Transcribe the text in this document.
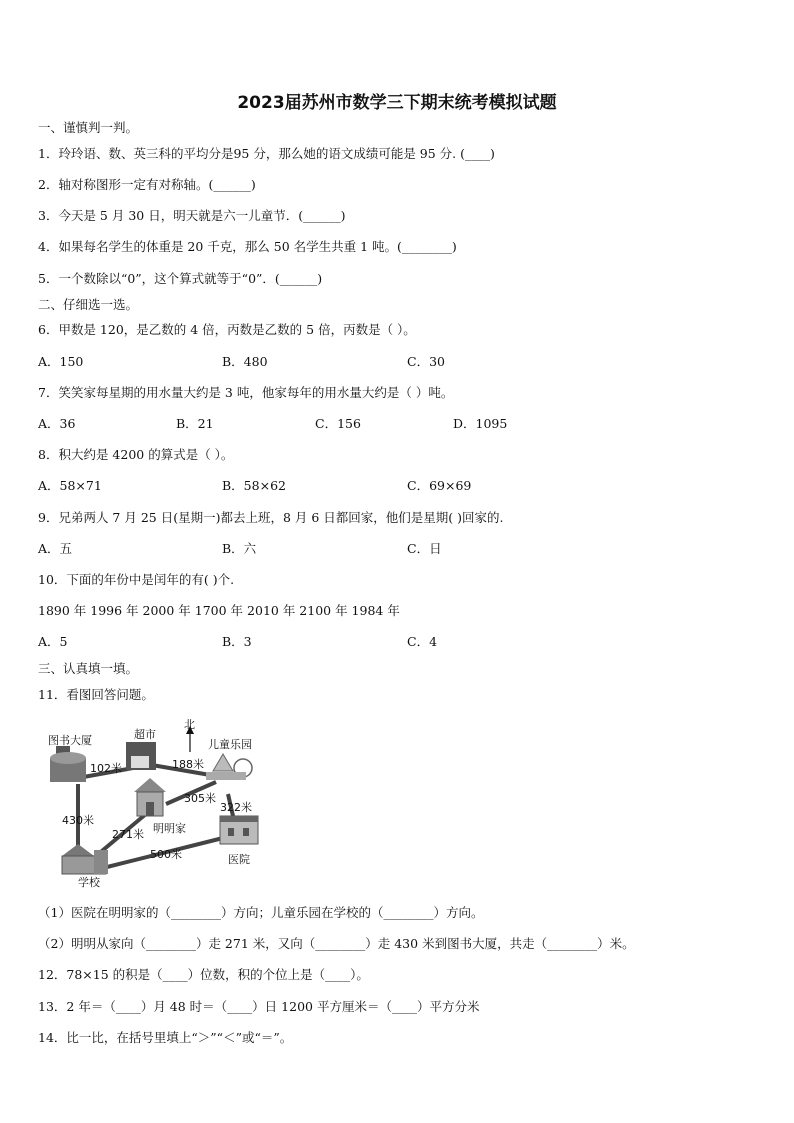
2023届苏州市数学三下期末统考模拟试题
一、谨慎判一判。
1．玲玲语、数、英三科的平均分是95 分，那么她的语文成绩可能是 95 分. (____)
2．轴对称图形一定有对称轴。(______)
3．今天是 5 月 30 日，明天就是六一儿童节．(______)
4．如果每名学生的体重是 20 千克，那么 50 名学生共重 1 吨。(________)
5．一个数除以“0”，这个算式就等于“0”．(______)
二、仔细选一选。
6．甲数是 120，是乙数的 4 倍，丙数是乙数的 5 倍，丙数是（ ）。
A．150	B．480	C．30
7．笑笑家每星期的用水量大约是 3 吨，他家每年的用水量大约是（ ）吨。
A．36	B．21	C．156	D．1095
8．积大约是 4200 的算式是（ ）。
A．58×71	B．58×62	C．69×69
9．兄弟两人 7 月 25 日(星期一)都去上班，8 月 6 日都回家，他们是星期( )回家的.
A．五	B．六	C．日
10．下面的年份中是闰年的有( )个.
1890 年 1996 年 2000 年 1700 年 2010 年 2100 年 1984 年
A．5	B．3	C．4
三、认真填一填。
11．看图回答问题。
图书大厦	超市
北
儿童乐园
明明家
医院
学校
102米	188米
305米
322米
430米
271米
500米
（1）医院在明明家的（________）方向；儿童乐园在学校的（________）方向。
（2）明明从家向（________）走 271 米，又向（________）走 430 米到图书大厦，共走（________）米。
12．78×15 的积是（____）位数，积的个位上是（____）。
13．2 年＝（____）月 48 时＝（____）日 1200 平方厘米＝（____）平方分米
14．比一比，在括号里填上“＞”“＜”或“＝”。
